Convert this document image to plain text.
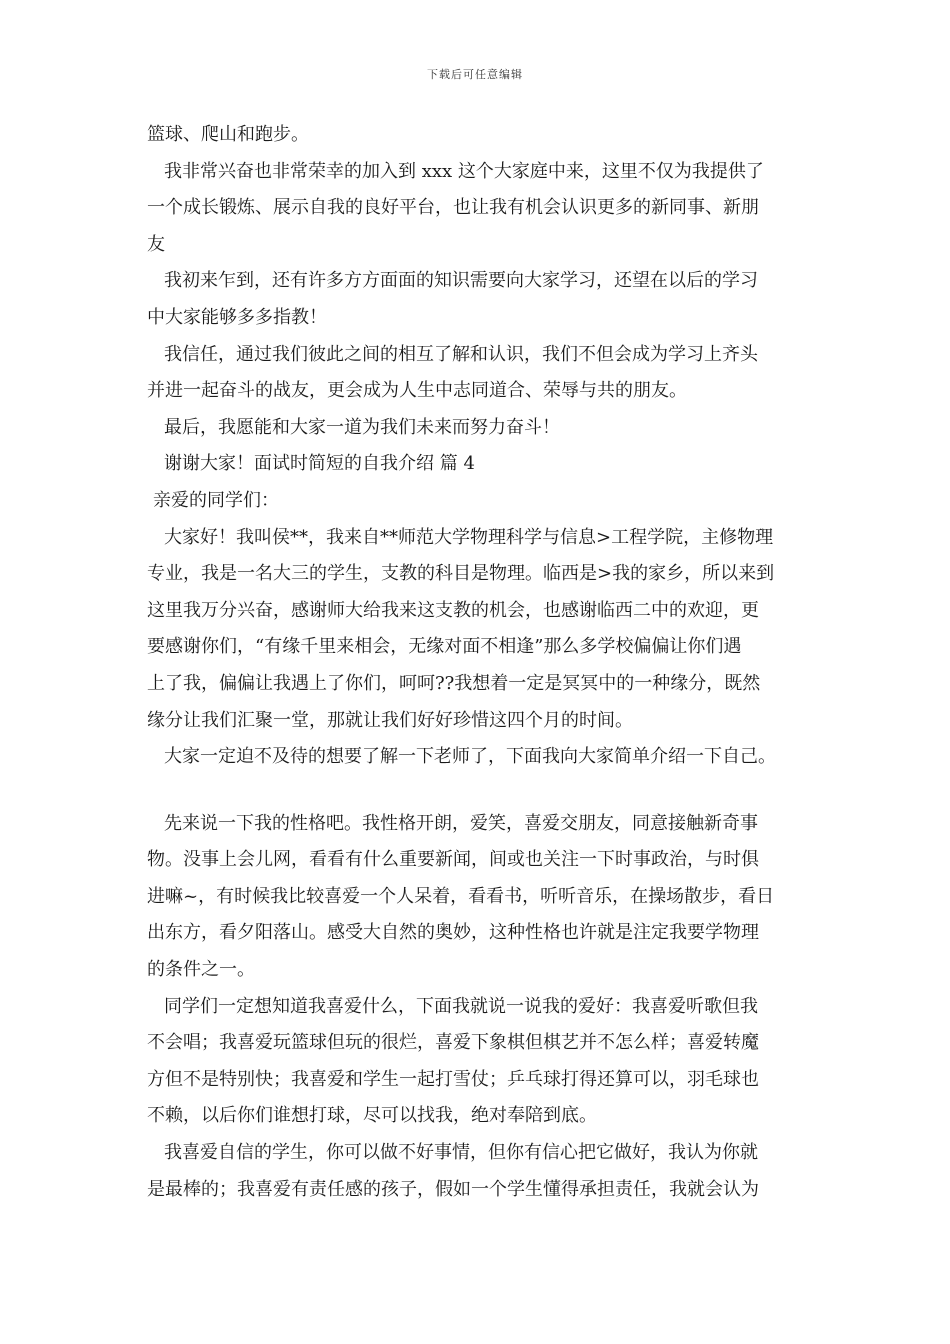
下载后可任意编辑
篮球、爬山和跑步。
我非常兴奋也非常荣幸的加入到 xxx 这个大家庭中来，这里不仅为我提供了
一个成长锻炼、展示自我的良好平台，也让我有机会认识更多的新同事、新朋
友
我初来乍到，还有许多方方面面的知识需要向大家学习，还望在以后的学习
中大家能够多多指教！
我信任，通过我们彼此之间的相互了解和认识，我们不但会成为学习上齐头
并进一起奋斗的战友，更会成为人生中志同道合、荣辱与共的朋友。
最后，我愿能和大家一道为我们未来而努力奋斗！
谢谢大家！面试时简短的自我介绍 篇 4
亲爱的同学们：
大家好！我叫侯**，我来自**师范大学物理科学与信息>工程学院，主修物理
专业，我是一名大三的学生，支教的科目是物理。临西是>我的家乡，所以来到
这里我万分兴奋，感谢师大给我来这支教的机会，也感谢临西二中的欢迎，更
要感谢你们，“有缘千里来相会，无缘对面不相逢”那么多学校偏偏让你们遇
上了我，偏偏让我遇上了你们，呵呵??我想着一定是冥冥中的一种缘分，既然
缘分让我们汇聚一堂，那就让我们好好珍惜这四个月的时间。
大家一定迫不及待的想要了解一下老师了，下面我向大家简单介绍一下自己。
先来说一下我的性格吧。我性格开朗，爱笑，喜爱交朋友，同意接触新奇事
物。没事上会儿网，看看有什么重要新闻，间或也关注一下时事政治，与时俱
进嘛~，有时候我比较喜爱一个人呆着，看看书，听听音乐，在操场散步，看日
出东方，看夕阳落山。感受大自然的奥妙，这种性格也许就是注定我要学物理
的条件之一。
同学们一定想知道我喜爱什么，下面我就说一说我的爱好：我喜爱听歌但我
不会唱；我喜爱玩篮球但玩的很烂，喜爱下象棋但棋艺并不怎么样；喜爱转魔
方但不是特别快；我喜爱和学生一起打雪仗；乒乓球打得还算可以，羽毛球也
不赖，以后你们谁想打球，尽可以找我，绝对奉陪到底。
我喜爱自信的学生，你可以做不好事情，但你有信心把它做好，我认为你就
是最棒的；我喜爱有责任感的孩子，假如一个学生懂得承担责任，我就会认为
